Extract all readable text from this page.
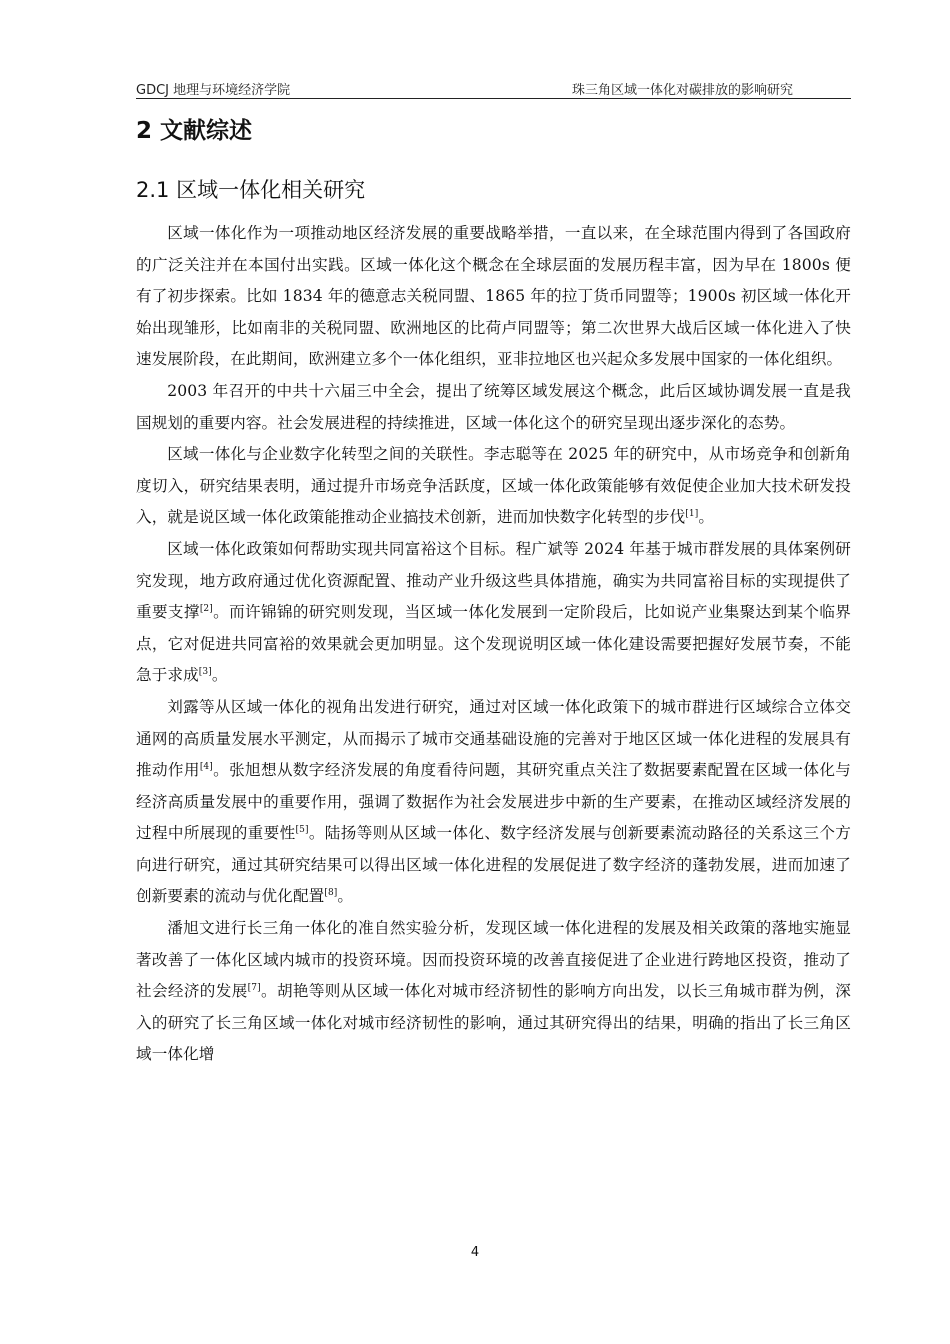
GDCJ 地理与环境经济学院	珠三角区域一体化对碳排放的影响研究
2 文献综述
2.1 区域一体化相关研究

区域一体化作为一项推动地区经济发展的重要战略举措，一直以来，在全球范围内得到了各国政府的广泛关注并在本国付出实践。区域一体化这个概念在全球层面的发展历程丰富，因为早在 1800s 便有了初步探索。比如 1834 年的德意志关税同盟、1865 年的拉丁货币同盟等；1900s 初区域一体化开始出现雏形，比如南非的关税同盟、欧洲地区的比荷卢同盟等；第二次世界大战后区域一体化进入了快速发展阶段，在此期间，欧洲建立多个一体化组织，亚非拉地区也兴起众多发展中国家的一体化组织。

2003 年召开的中共十六届三中全会，提出了统筹区域发展这个概念，此后区域协调发展一直是我国规划的重要内容。社会发展进程的持续推进，区域一体化这个的研究呈现出逐步深化的态势。

区域一体化与企业数字化转型之间的关联性。李志聪等在 2025 年的研究中，从市场竞争和创新角度切入，研究结果表明，通过提升市场竞争活跃度，区域一体化政策能够有效促使企业加大技术研发投入，就是说区域一体化政策能推动企业搞技术创新，进而加快数字化转型的步伐[1]。

区域一体化政策如何帮助实现共同富裕这个目标。程广斌等 2024 年基于城市群发展的具体案例研究发现，地方政府通过优化资源配置、推动产业升级这些具体措施，确实为共同富裕目标的实现提供了重要支撑[2]。而许锦锦的研究则发现，当区域一体化发展到一定阶段后，比如说产业集聚达到某个临界点，它对促进共同富裕的效果就会更加明显。这个发现说明区域一体化建设需要把握好发展节奏，不能急于求成[3]。

刘露等从区域一体化的视角出发进行研究，通过对区域一体化政策下的城市群进行区域综合立体交通网的高质量发展水平测定，从而揭示了城市交通基础设施的完善对于地区区域一体化进程的发展具有推动作用[4]。张旭想从数字经济发展的角度看待问题，其研究重点关注了数据要素配置在区域一体化与经济高质量发展中的重要作用，强调了数据作为社会发展进步中新的生产要素，在推动区域经济发展的过程中所展现的重要性[5]。陆扬等则从区域一体化、数字经济发展与创新要素流动路径的关系这三个方向进行研究，通过其研究结果可以得出区域一体化进程的发展促进了数字经济的蓬勃发展，进而加速了创新要素的流动与优化配置[8]。

潘旭文进行长三角一体化的准自然实验分析，发现区域一体化进程的发展及相关政策的落地实施显著改善了一体化区域内城市的投资环境。因而投资环境的改善直接促进了企业进行跨地区投资，推动了社会经济的发展[7]。胡艳等则从区域一体化对城市经济韧性的影响方向出发，以长三角城市群为例，深入的研究了长三角区域一体化对城市经济韧性的影响，通过其研究得出的结果，明确的指出了长三角区域一体化增

4
